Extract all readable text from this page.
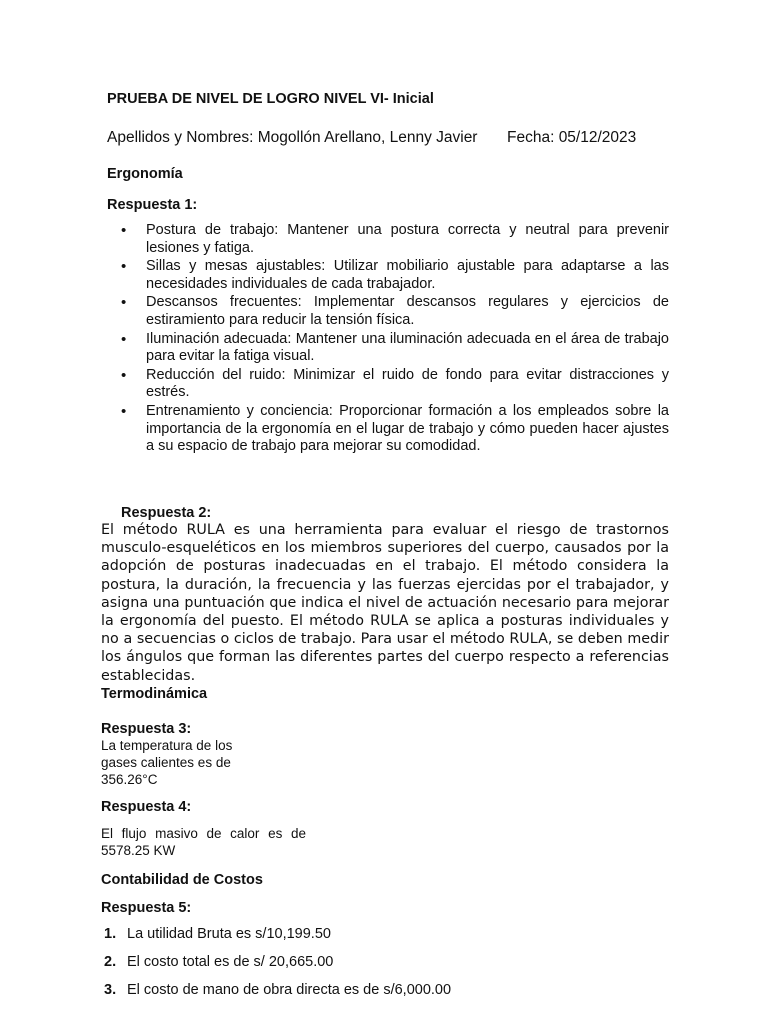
PRUEBA DE NIVEL DE LOGRO NIVEL VI- Inicial
Apellidos y Nombres: Mogollón Arellano, Lenny Javier Fecha: 05/12/2023
Ergonomía
Respuesta 1:
• Postura de trabajo: Mantener una postura correcta y neutral para prevenir lesiones y fatiga.
• Sillas y mesas ajustables: Utilizar mobiliario ajustable para adaptarse a las necesidades individuales de cada trabajador.
• Descansos frecuentes: Implementar descansos regulares y ejercicios de estiramiento para reducir la tensión física.
• Iluminación adecuada: Mantener una iluminación adecuada en el área de trabajo para evitar la fatiga visual.
• Reducción del ruido: Minimizar el ruido de fondo para evitar distracciones y estrés.
• Entrenamiento y conciencia: Proporcionar formación a los empleados sobre la importancia de la ergonomía en el lugar de trabajo y cómo pueden hacer ajustes a su espacio de trabajo para mejorar su comodidad.
Respuesta 2:

El método RULA es una herramienta para evaluar el riesgo de trastornos musculo-esqueléticos en los miembros superiores del cuerpo, causados por la adopción de posturas inadecuadas en el trabajo. El método considera la postura, la duración, la frecuencia y las fuerzas ejercidas por el trabajador, y asigna una puntuación que indica el nivel de actuación necesario para mejorar la ergonomía del puesto. El método RULA se aplica a posturas individuales y no a secuencias o ciclos de trabajo. Para usar el método RULA, se deben medir los ángulos que forman las diferentes partes del cuerpo respecto a referencias establecidas.

Termodinámica
Respuesta 3:

La temperatura de los gases calientes es de 356.26°C

Respuesta 4:

El flujo masivo de calor es de 5578.25 KW

Contabilidad de Costos
Respuesta 5:
1. La utilidad Bruta es s/10,199.50
2. El costo total es de s/ 20,665.00
3. El costo de mano de obra directa es de s/6,000.00
